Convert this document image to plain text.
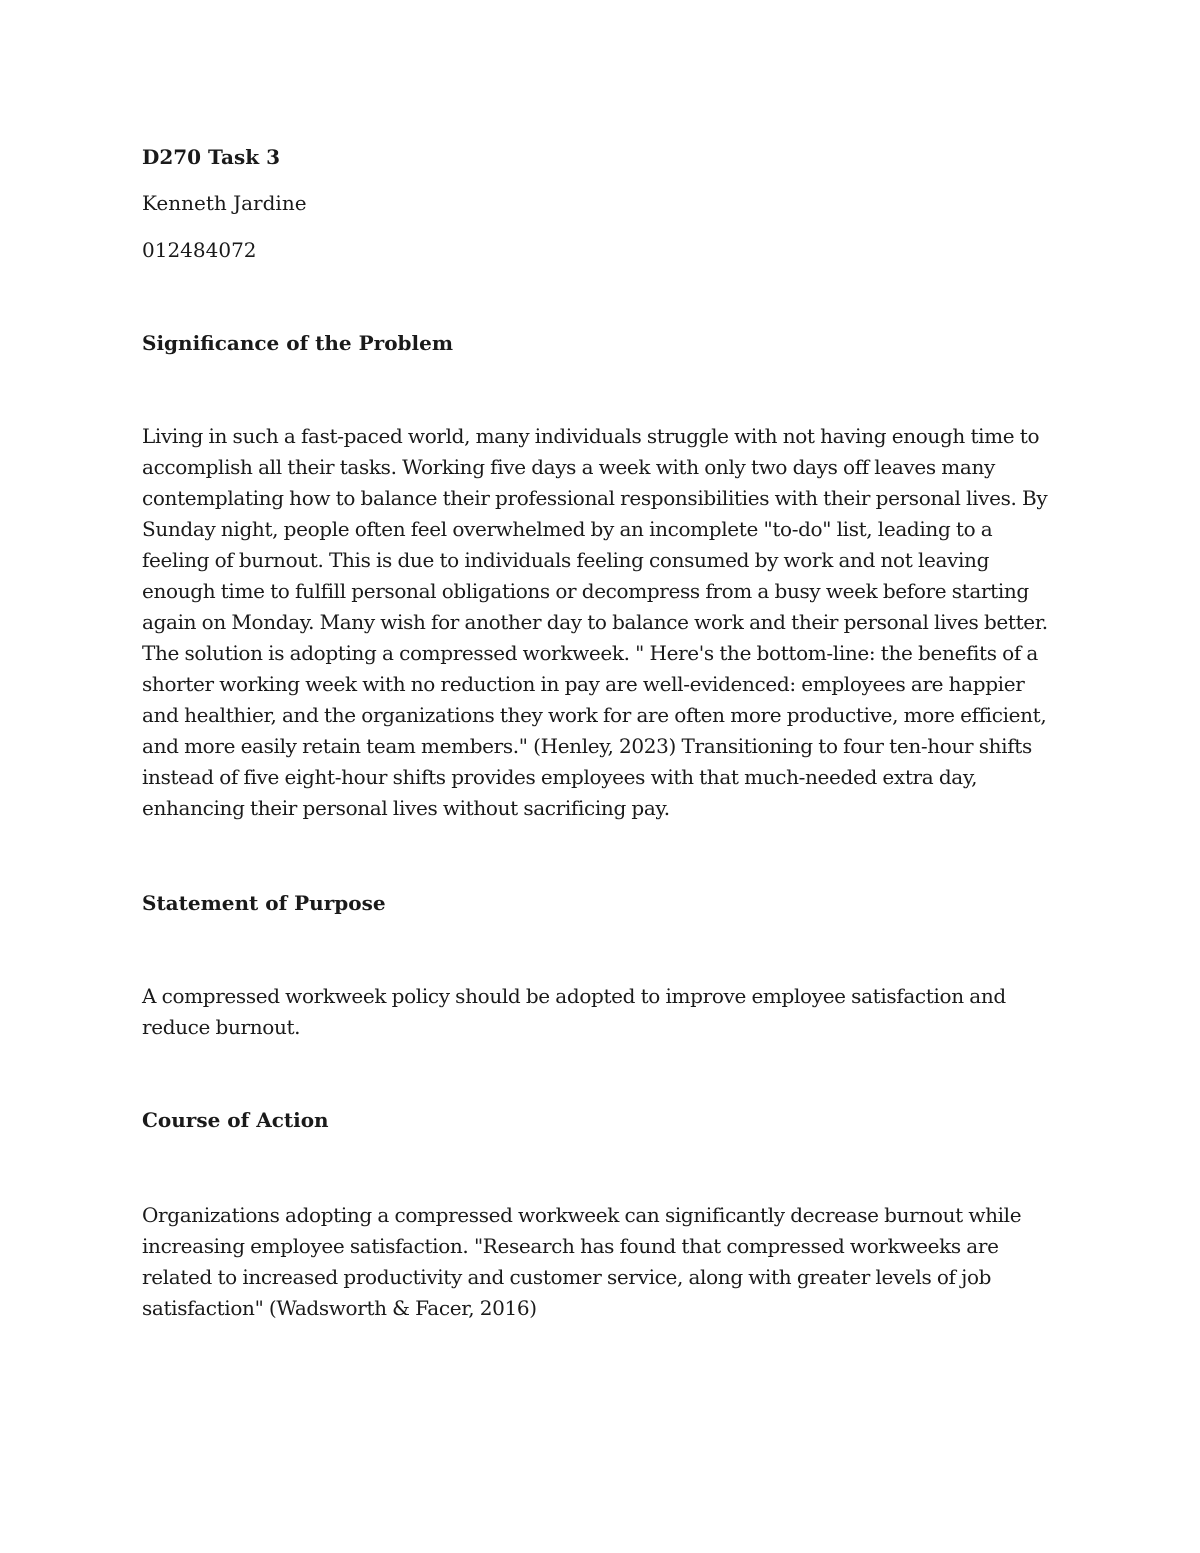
D270 Task 3

Kenneth Jardine

012484072

Significance of the Problem

Living in such a fast-paced world, many individuals struggle with not having enough time to accomplish all their tasks. Working five days a week with only two days off leaves many contemplating how to balance their professional responsibilities with their personal lives. By Sunday night, people often feel overwhelmed by an incomplete "to-do" list, leading to a feeling of burnout. This is due to individuals feeling consumed by work and not leaving enough time to fulfill personal obligations or decompress from a busy week before starting again on Monday. Many wish for another day to balance work and their personal lives better. The solution is adopting a compressed workweek. " Here's the bottom-line: the benefits of a shorter working week with no reduction in pay are well-evidenced: employees are happier and healthier, and the organizations they work for are often more productive, more efficient, and more easily retain team members." (Henley, 2023) Transitioning to four ten-hour shifts instead of five eight-hour shifts provides employees with that much-needed extra day, enhancing their personal lives without sacrificing pay.

Statement of Purpose

A compressed workweek policy should be adopted to improve employee satisfaction and reduce burnout.

Course of Action

Organizations adopting a compressed workweek can significantly decrease burnout while increasing employee satisfaction. "Research has found that compressed workweeks are related to increased productivity and customer service, along with greater levels of job satisfaction" (Wadsworth & Facer, 2016)
